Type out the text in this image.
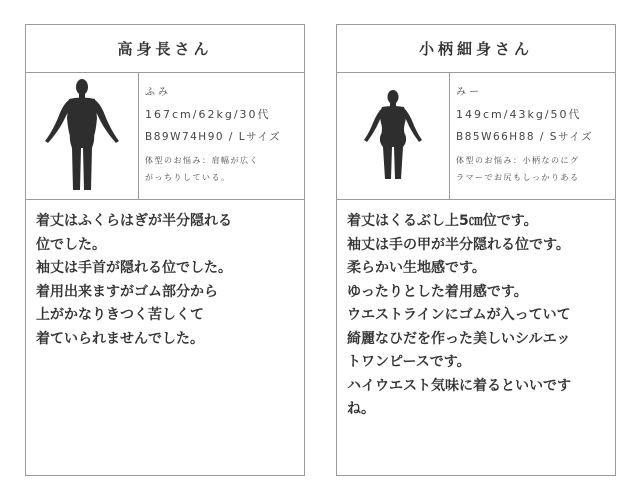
高身長さん
ふみ
167cm/62kg/30代
B89W74H90 / Lサイズ
体型のお悩み：肩幅が広く
がっちりしている。
着丈はふくらはぎが半分隠れる
位でした。
袖丈は手首が隠れる位でした。
着用出来ますがゴム部分から
上がかなりきつく苦しくて
着ていられませんでした。
小柄細身さん
みー
149cm/43kg/50代
B85W66H88 / Sサイズ
体型のお悩み：小柄なのにグ
ラマーでお尻もしっかりある
着丈はくるぶし上5㎝位です。
袖丈は手の甲が半分隠れる位です。
柔らかい生地感です。
ゆったりとした着用感です。
ウエストラインにゴムが入っていて
綺麗なひだを作った美しいシルエッ
トワンピースです。
ハイウエスト気味に着るといいです
ね。
